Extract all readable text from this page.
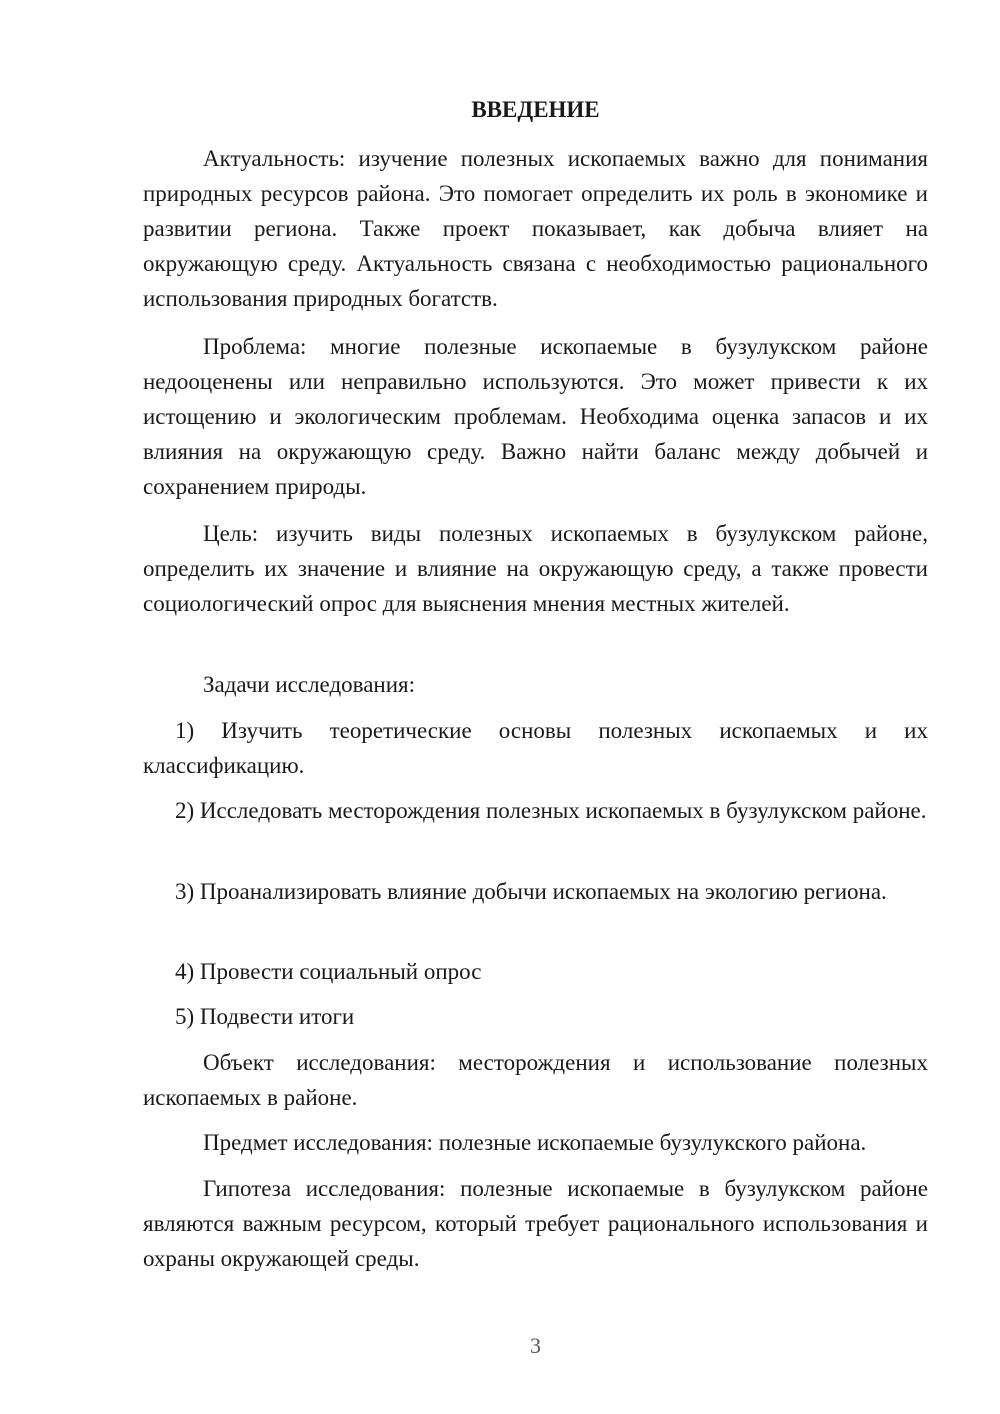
ВВЕДЕНИЕ

Актуальность: изучение полезных ископаемых важно для понимания природных ресурсов района. Это помогает определить их роль в экономике и развитии региона. Также проект показывает, как добыча влияет на окружающую среду. Актуальность связана с необходимостью рационального использования природных богатств.

Проблема: многие полезные ископаемые в бузулукском районе недооценены или неправильно используются. Это может привести к их истощению и экологическим проблемам. Необходима оценка запасов и их влияния на окружающую среду. Важно найти баланс между добычей и сохранением природы.

Цель: изучить виды полезных ископаемых в бузулукском районе, определить их значение и влияние на окружающую среду, а также провести социологический опрос для выяснения мнения местных жителей.

Задачи исследования:

1) Изучить теоретические основы полезных ископаемых и их классификацию.

2) Исследовать месторождения полезных ископаемых в бузулукском районе.

3) Проанализировать влияние добычи ископаемых на экологию региона.

4) Провести социальный опрос

5) Подвести итоги

Объект исследования: месторождения и использование полезных ископаемых в районе.

Предмет исследования: полезные ископаемые бузулукского района.

Гипотеза исследования: полезные ископаемые в бузулукском районе являются важным ресурсом, который требует рационального использования и охраны окружающей среды.

3
